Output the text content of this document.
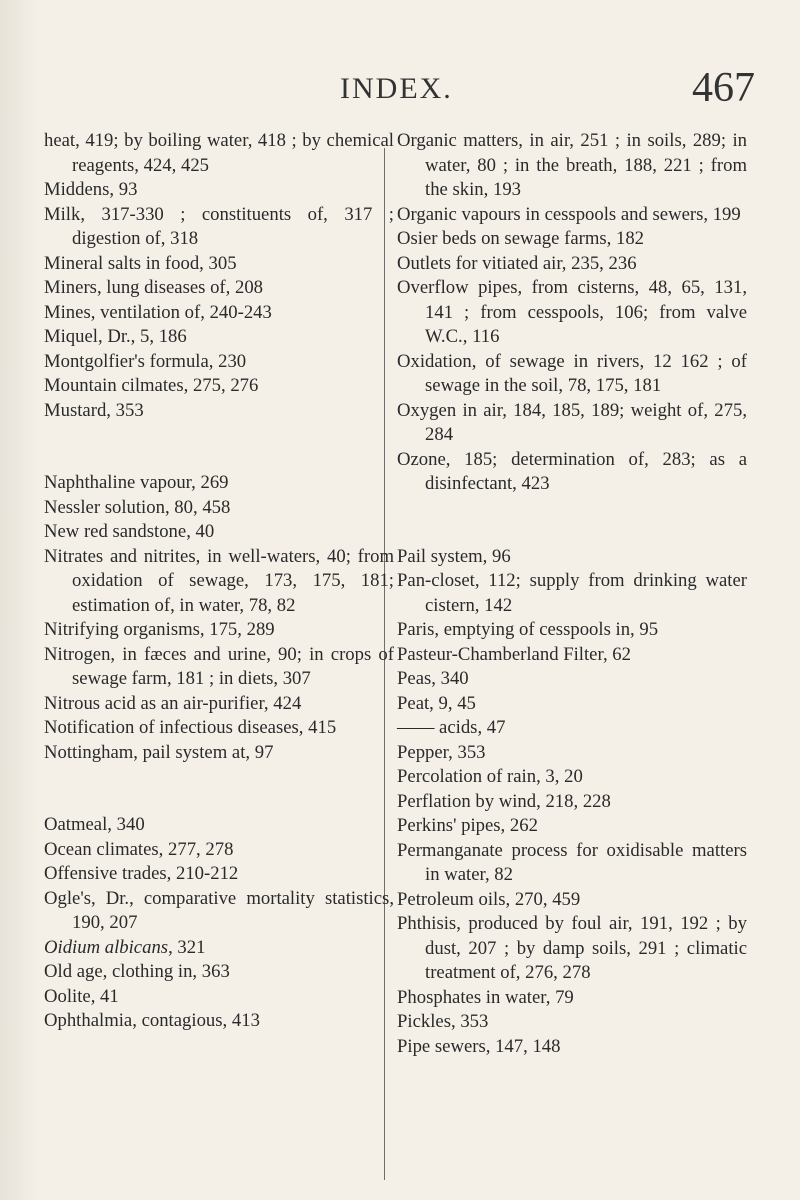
INDEX.	467

heat, 419; by boiling water, 418 ; by chemical reagents, 424, 425

Middens, 93

Milk, 317-330 ; constituents of, 317 ; digestion of, 318

Mineral salts in food, 305

Miners, lung diseases of, 208

Mines, ventilation of, 240-243

Miquel, Dr., 5, 186

Montgolfier's formula, 230

Mountain cilmates, 275, 276

Mustard, 353

Naphthaline vapour, 269

Nessler solution, 80, 458

New red sandstone, 40

Nitrates and nitrites, in well-waters, 40; from oxidation of sewage, 173, 175, 181; estimation of, in water, 78, 82

Nitrifying organisms, 175, 289

Nitrogen, in fæces and urine, 90; in crops of sewage farm, 181 ; in diets, 307

Nitrous acid as an air-purifier, 424

Notification of infectious diseases, 415

Nottingham, pail system at, 97

Oatmeal, 340

Ocean climates, 277, 278

Offensive trades, 210-212

Ogle's, Dr., comparative mortality statistics, 190, 207

Oidium albicans, 321

Old age, clothing in, 363

Oolite, 41

Ophthalmia, contagious, 413

Organic matters, in air, 251 ; in soils, 289; in water, 80 ; in the breath, 188, 221 ; from the skin, 193

Organic vapours in cesspools and sewers, 199

Osier beds on sewage farms, 182

Outlets for vitiated air, 235, 236

Overflow pipes, from cisterns, 48, 65, 131, 141 ; from cesspools, 106; from valve W.C., 116

Oxidation, of sewage in rivers, 12 162 ; of sewage in the soil, 78, 175, 181

Oxygen in air, 184, 185, 189; weight of, 275, 284

Ozone, 185; determination of, 283; as a disinfectant, 423

Pail system, 96

Pan-closet, 112; supply from drinking water cistern, 142

Paris, emptying of cesspools in, 95

Pasteur-Chamberland Filter, 62

Peas, 340

Peat, 9, 45

—— acids, 47

Pepper, 353

Percolation of rain, 3, 20

Perflation by wind, 218, 228

Perkins' pipes, 262

Permanganate process for oxidisable matters in water, 82

Petroleum oils, 270, 459

Phthisis, produced by foul air, 191, 192 ; by dust, 207 ; by damp soils, 291 ; climatic treatment of, 276, 278

Phosphates in water, 79

Pickles, 353

Pipe sewers, 147, 148
